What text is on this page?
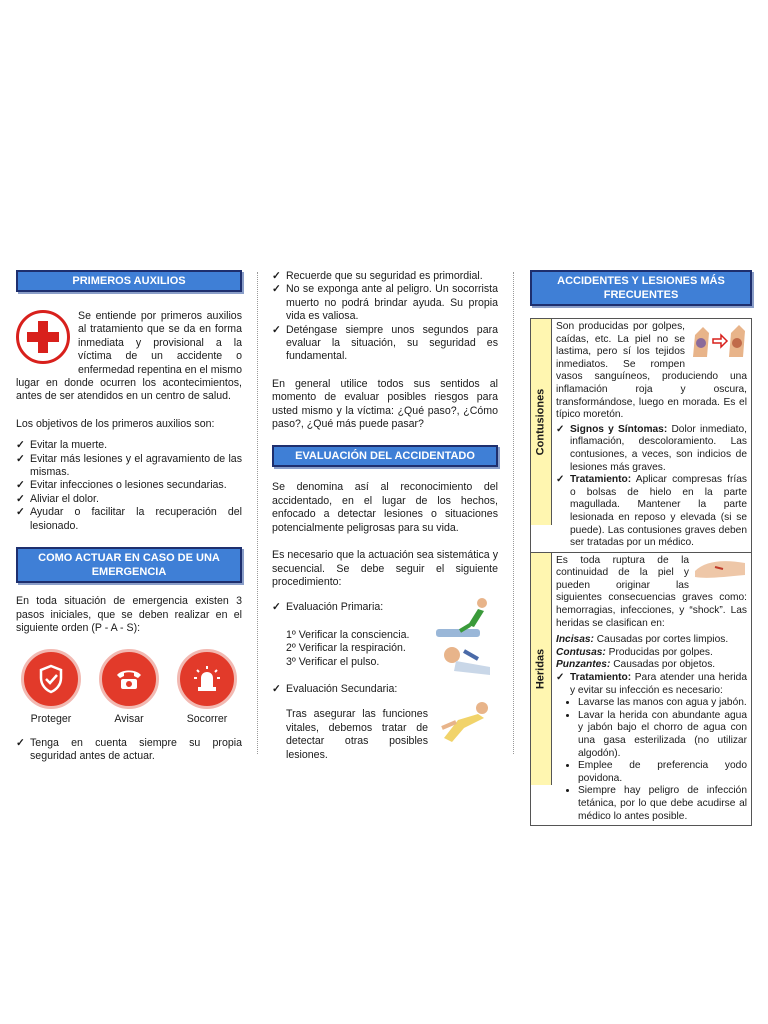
PRIMEROS AUXILIOS

Se entiende por primeros auxilios al tratamiento que se da en forma inmediata y provisional a la víctima de un accidente o enfermedad repentina en el mismo lugar en donde ocurren los acontecimientos, antes de ser atendidos en un centro de salud.

Los objetivos de los primeros auxilios son:

✓ Evitar la muerte.
✓ Evitar más lesiones y el agravamiento de las mismas.
✓ Evitar infecciones o lesiones secundarias.
✓ Aliviar el dolor.
✓ Ayudar o facilitar la recuperación del lesionado.
COMO ACTUAR EN CASO DE UNA EMERGENCIA

En toda situación de emergencia existen 3 pasos iniciales, que se deben realizar en el siguiente orden (P - A - S):

Proteger	Avisar	Socorrer
✓ Tenga en cuenta siempre su propia seguridad antes de actuar.
✓ Recuerde que su seguridad es primordial.
✓ No se exponga ante al peligro. Un socorrista muerto no podrá brindar ayuda. Su propia vida es valiosa.
✓ Deténgase siempre unos segundos para evaluar la situación, su seguridad es fundamental.

En general utilice todos sus sentidos al momento de evaluar posibles riesgos para usted mismo y la víctima: ¿Qué paso?, ¿Cómo paso?, ¿Qué más puede pasar?

EVALUACIÓN DEL ACCIDENTADO

Se denomina así al reconocimiento del accidentado, en el lugar de los hechos, enfocado a detectar lesiones o situaciones potencialmente peligrosas para su vida.

Es necesario que la actuación sea sistemática y secuencial. Se debe seguir el siguiente procedimiento:

✓ Evaluación Primaria:
1º Verificar la consciencia.
2º Verificar la respiración.
3º Verificar el pulso.
✓ Evaluación Secundaria:

Tras asegurar las funciones vitales, debemos tratar de detectar otras posibles lesiones.

ACCIDENTES Y LESIONES MÁS FRECUENTES
Contusiones

Son producidas por golpes, caídas, etc. La piel no se lastima, pero sí los tejidos inmediatos. Se rompen vasos sanguíneos, produciendo una inflamación roja y oscura, transformándose, luego en morada. Es el típico moretón.

✓ Signos y Síntomas: Dolor inmediato, inflamación, descoloramiento. Las contusiones, a veces, son indicios de lesiones más graves.
✓ Tratamiento: Aplicar compresas frías o bolsas de hielo en la parte magullada. Mantener la parte lesionada en reposo y elevada (si se puede). Las contusiones graves deben ser tratadas por un médico.
Heridas

Es toda ruptura de la continuidad de la piel y pueden originar las siguientes consecuencias graves como: hemorragias, infecciones, y “shock”. Las heridas se clasifican en:

Incisas: Causadas por cortes limpios.
Contusas: Producidas por golpes.
Punzantes: Causadas por objetos.
✓ Tratamiento: Para atender una herida y evitar su infección es necesario:
• Lavarse las manos con agua y jabón.
• Lavar la herida con abundante agua y jabón bajo el chorro de agua con una gasa esterilizada (no utilizar algodón).
• Emplee de preferencia yodo povidona.
• Siempre hay peligro de infección tetánica, por lo que debe acudirse al médico lo antes posible.
